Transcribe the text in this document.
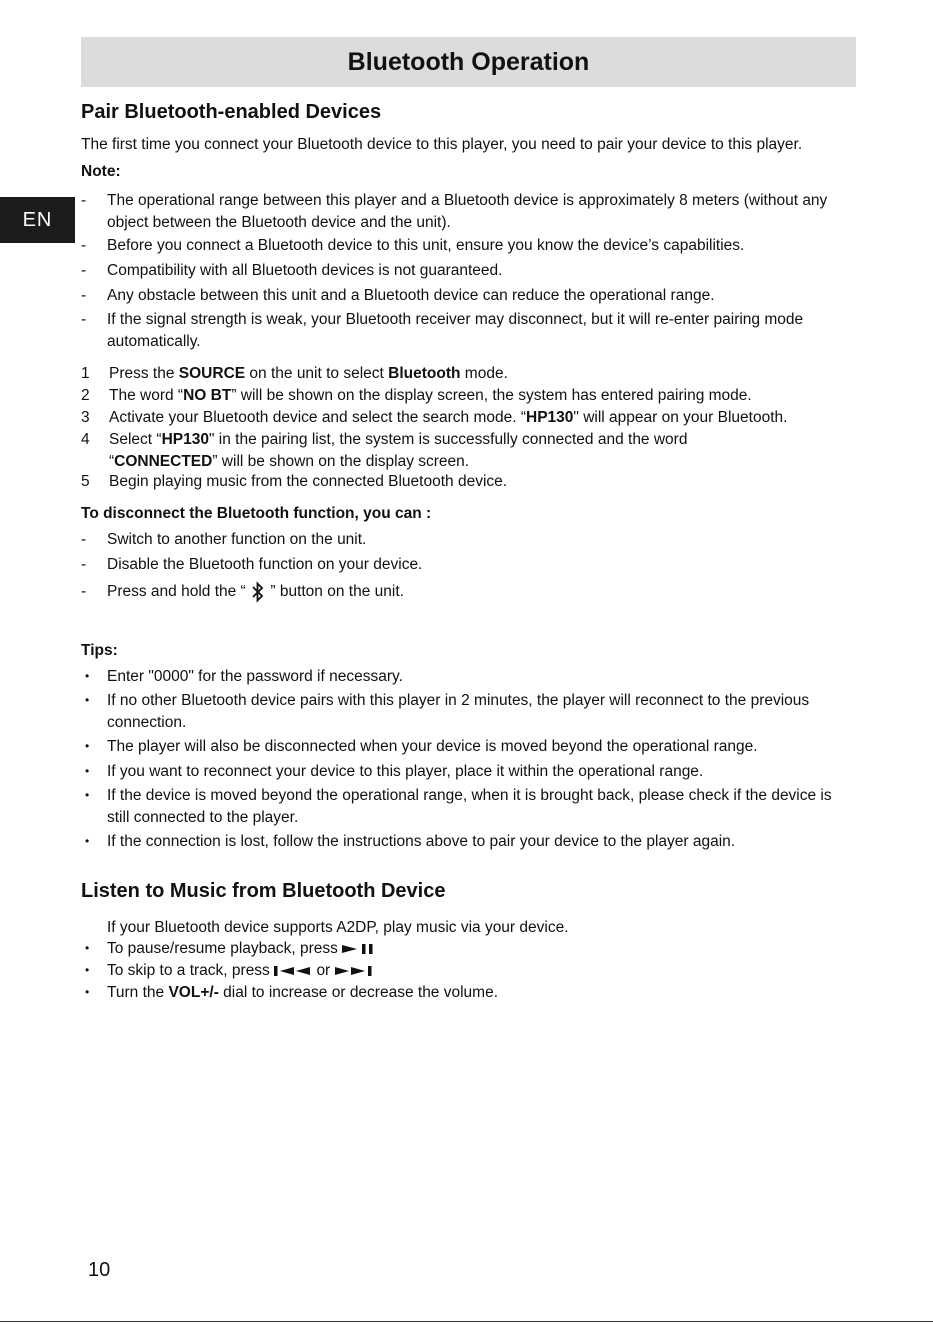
Bluetooth Operation
EN
Pair Bluetooth-enabled Devices
The first time you connect your Bluetooth device to this player, you need to pair your device to this player.
Note:
-	The operational range between this player and a Bluetooth device is approximately 8 meters (without any object between the Bluetooth device and the unit).
-	Before you connect a Bluetooth device to this unit, ensure you know the device’s capabilities.
-	Compatibility with all Bluetooth devices is not guaranteed.
-	Any obstacle between this unit and a Bluetooth device can reduce the operational range.
-	If the signal strength is weak, your Bluetooth receiver may disconnect, but it will re-enter pairing mode automatically.
1	Press the SOURCE on the unit to select Bluetooth mode.
2	The word “NO BT” will be shown on the display screen, the system has entered pairing mode.
3	Activate your Bluetooth device and select the search mode. “HP130" will appear on your Bluetooth.
4	Select “HP130" in the pairing list, the system is successfully connected and the word “CONNECTED” will be shown on the display screen.
5	Begin playing music from the connected Bluetooth device.
To disconnect the Bluetooth function, you can :
-	Switch to another function on the unit.
-	Disable the Bluetooth function on your device.
-	Press and hold the “ ” button on the unit.
Tips:
•	Enter "0000" for the password if necessary.
•	If no other Bluetooth device pairs with this player in 2 minutes, the player will reconnect to the previous connection.
•	The player will also be disconnected when your device is moved beyond the operational range.
•	If you want to reconnect your device to this player, place it within the operational range.
•	If the device is moved beyond the operational range, when it is brought back, please check if the device is still connected to the player.
•	If the connection is lost, follow the instructions above to pair your device to the player again.
Listen to Music from Bluetooth Device
If your Bluetooth device supports A2DP, play music via your device.
•	To pause/resume playback, press
•	To skip to a track, press	or
•	Turn the VOL+/- dial to increase or decrease the volume.
10
